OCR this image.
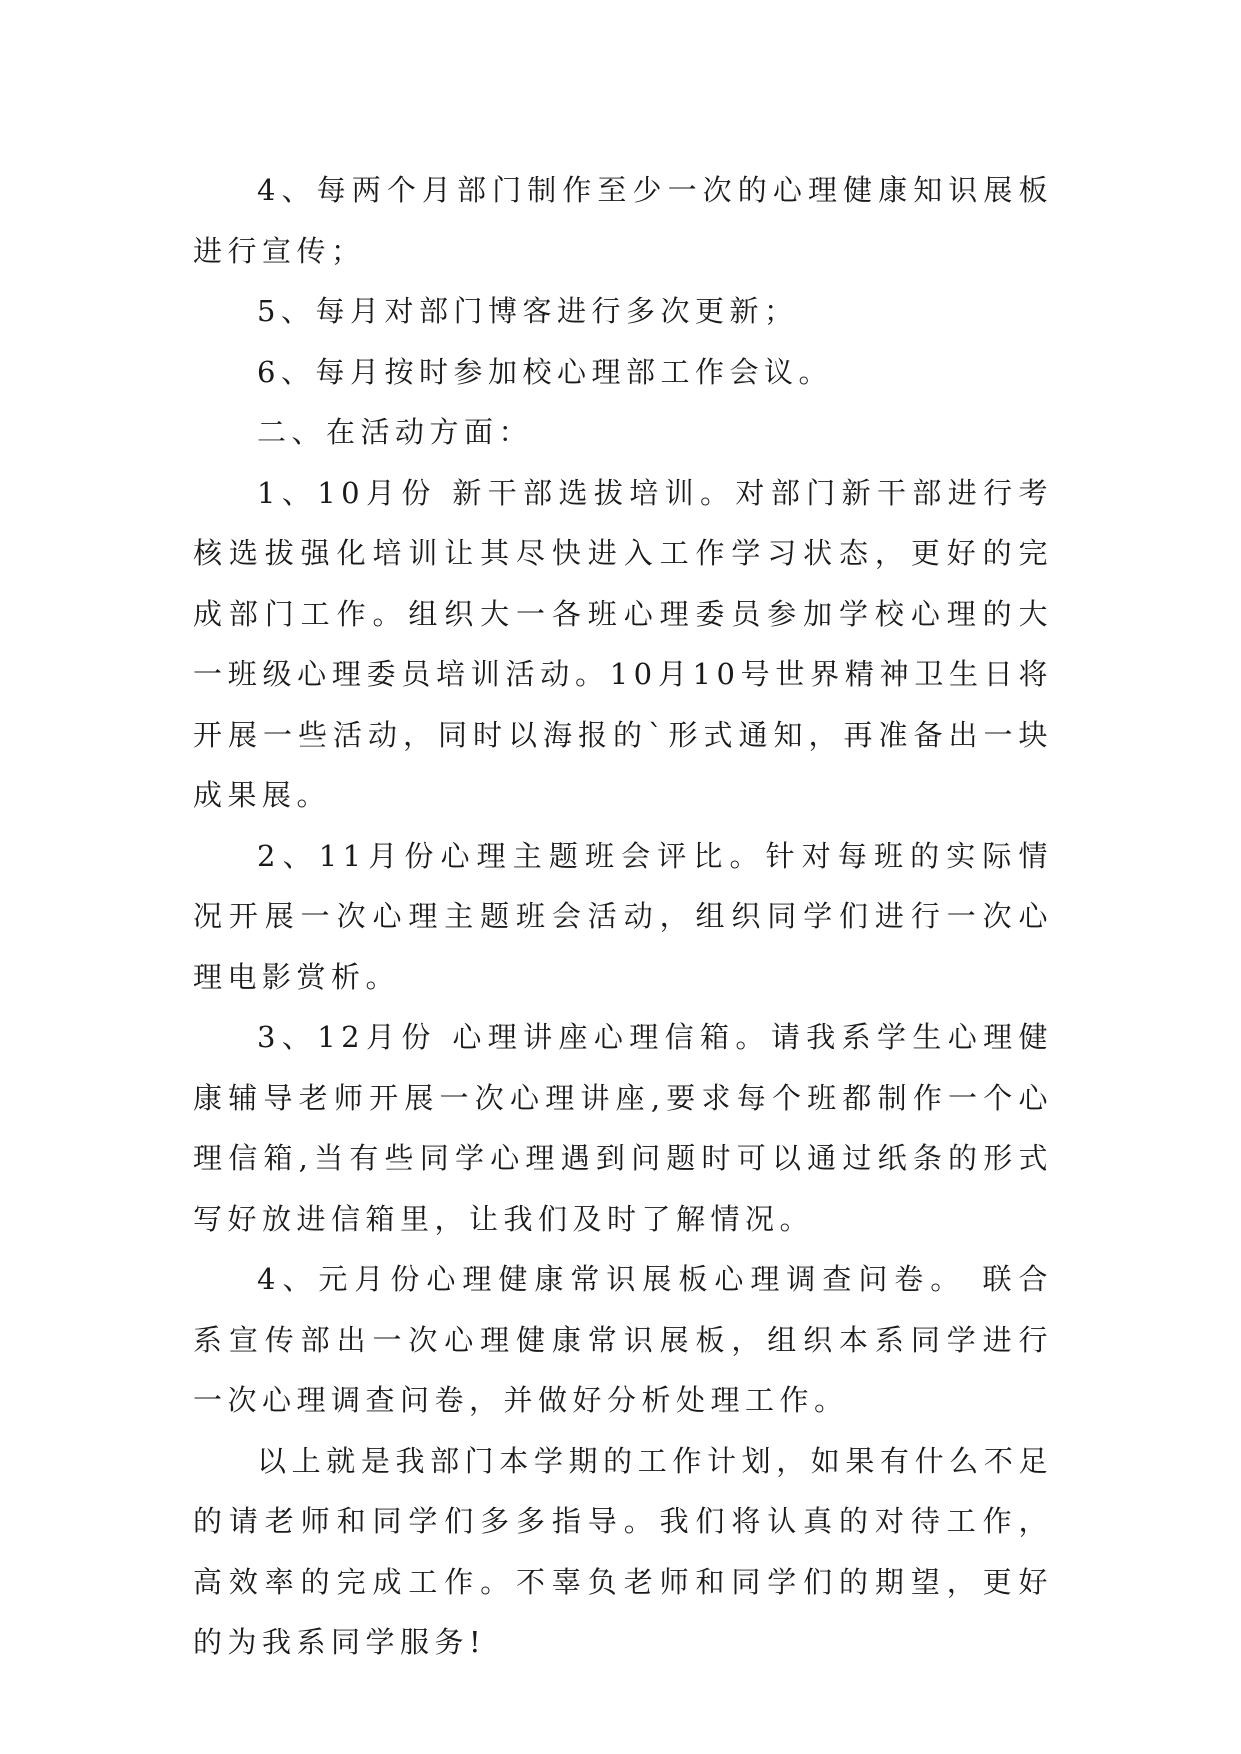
4、每两个月部门制作至少一次的心理健康知识展板进行宣传；

5、每月对部门博客进行多次更新；

6、每月按时参加校心理部工作会议。

二、在活动方面：

1、10月份 新干部选拔培训。对部门新干部进行考核选拔强化培训让其尽快进入工作学习状态，更好的完成部门工作。组织大一各班心理委员参加学校心理的大一班级心理委员培训活动。10月10号世界精神卫生日将开展一些活动，同时以海报的`形式通知，再准备出一块成果展。

2、11月份心理主题班会评比。针对每班的实际情况开展一次心理主题班会活动，组织同学们进行一次心理电影赏析。

3、12月份 心理讲座心理信箱。请我系学生心理健康辅导老师开展一次心理讲座,要求每个班都制作一个心理信箱,当有些同学心理遇到问题时可以通过纸条的形式写好放进信箱里，让我们及时了解情况。

4、元月份心理健康常识展板心理调查问卷。 联合系宣传部出一次心理健康常识展板，组织本系同学进行一次心理调查问卷，并做好分析处理工作。

以上就是我部门本学期的工作计划，如果有什么不足的请老师和同学们多多指导。我们将认真的对待工作，高效率的完成工作。不辜负老师和同学们的期望，更好的为我系同学服务!
